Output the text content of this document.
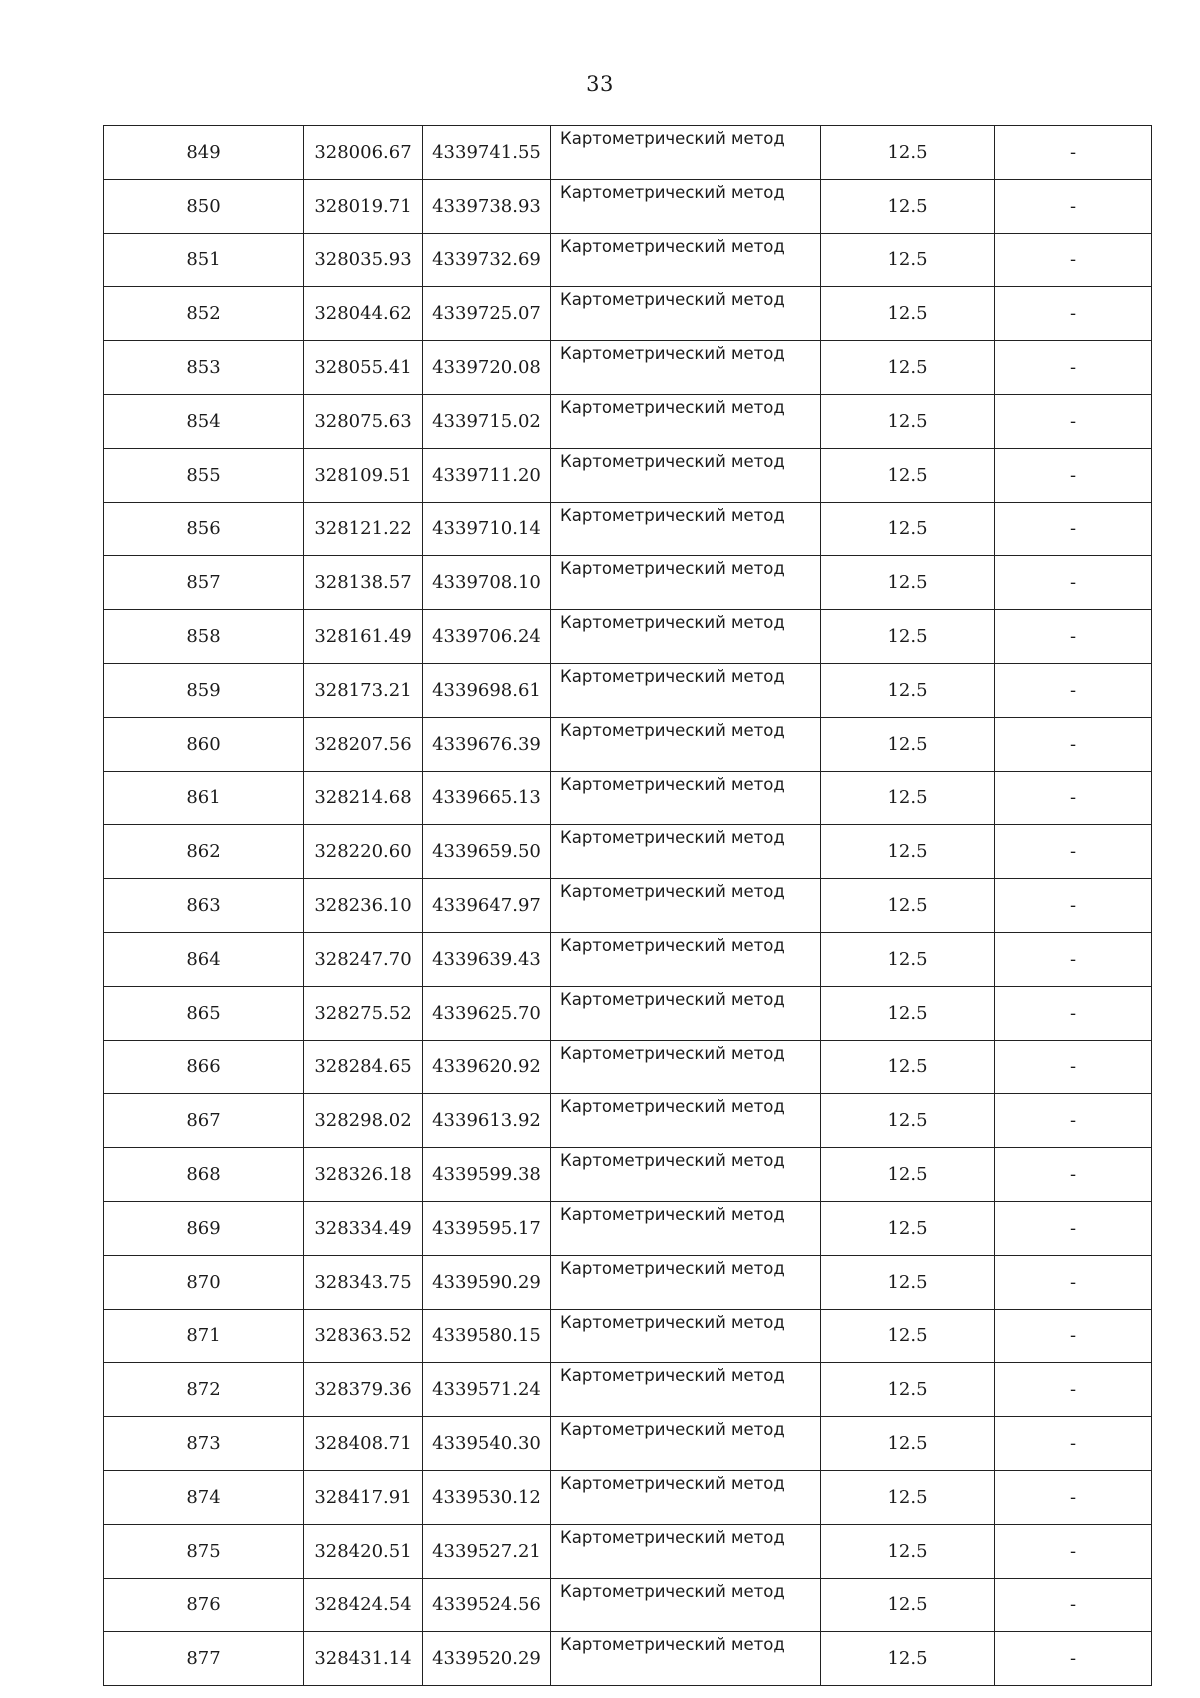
33
849	328006.67	4339741.55	Картометрический метод	12.5	-
850	328019.71	4339738.93	Картометрический метод	12.5	-
851	328035.93	4339732.69	Картометрический метод	12.5	-
852	328044.62	4339725.07	Картометрический метод	12.5	-
853	328055.41	4339720.08	Картометрический метод	12.5	-
854	328075.63	4339715.02	Картометрический метод	12.5	-
855	328109.51	4339711.20	Картометрический метод	12.5	-
856	328121.22	4339710.14	Картометрический метод	12.5	-
857	328138.57	4339708.10	Картометрический метод	12.5	-
858	328161.49	4339706.24	Картометрический метод	12.5	-
859	328173.21	4339698.61	Картометрический метод	12.5	-
860	328207.56	4339676.39	Картометрический метод	12.5	-
861	328214.68	4339665.13	Картометрический метод	12.5	-
862	328220.60	4339659.50	Картометрический метод	12.5	-
863	328236.10	4339647.97	Картометрический метод	12.5	-
864	328247.70	4339639.43	Картометрический метод	12.5	-
865	328275.52	4339625.70	Картометрический метод	12.5	-
866	328284.65	4339620.92	Картометрический метод	12.5	-
867	328298.02	4339613.92	Картометрический метод	12.5	-
868	328326.18	4339599.38	Картометрический метод	12.5	-
869	328334.49	4339595.17	Картометрический метод	12.5	-
870	328343.75	4339590.29	Картометрический метод	12.5	-
871	328363.52	4339580.15	Картометрический метод	12.5	-
872	328379.36	4339571.24	Картометрический метод	12.5	-
873	328408.71	4339540.30	Картометрический метод	12.5	-
874	328417.91	4339530.12	Картометрический метод	12.5	-
875	328420.51	4339527.21	Картометрический метод	12.5	-
876	328424.54	4339524.56	Картометрический метод	12.5	-
877	328431.14	4339520.29	Картометрический метод	12.5	-
